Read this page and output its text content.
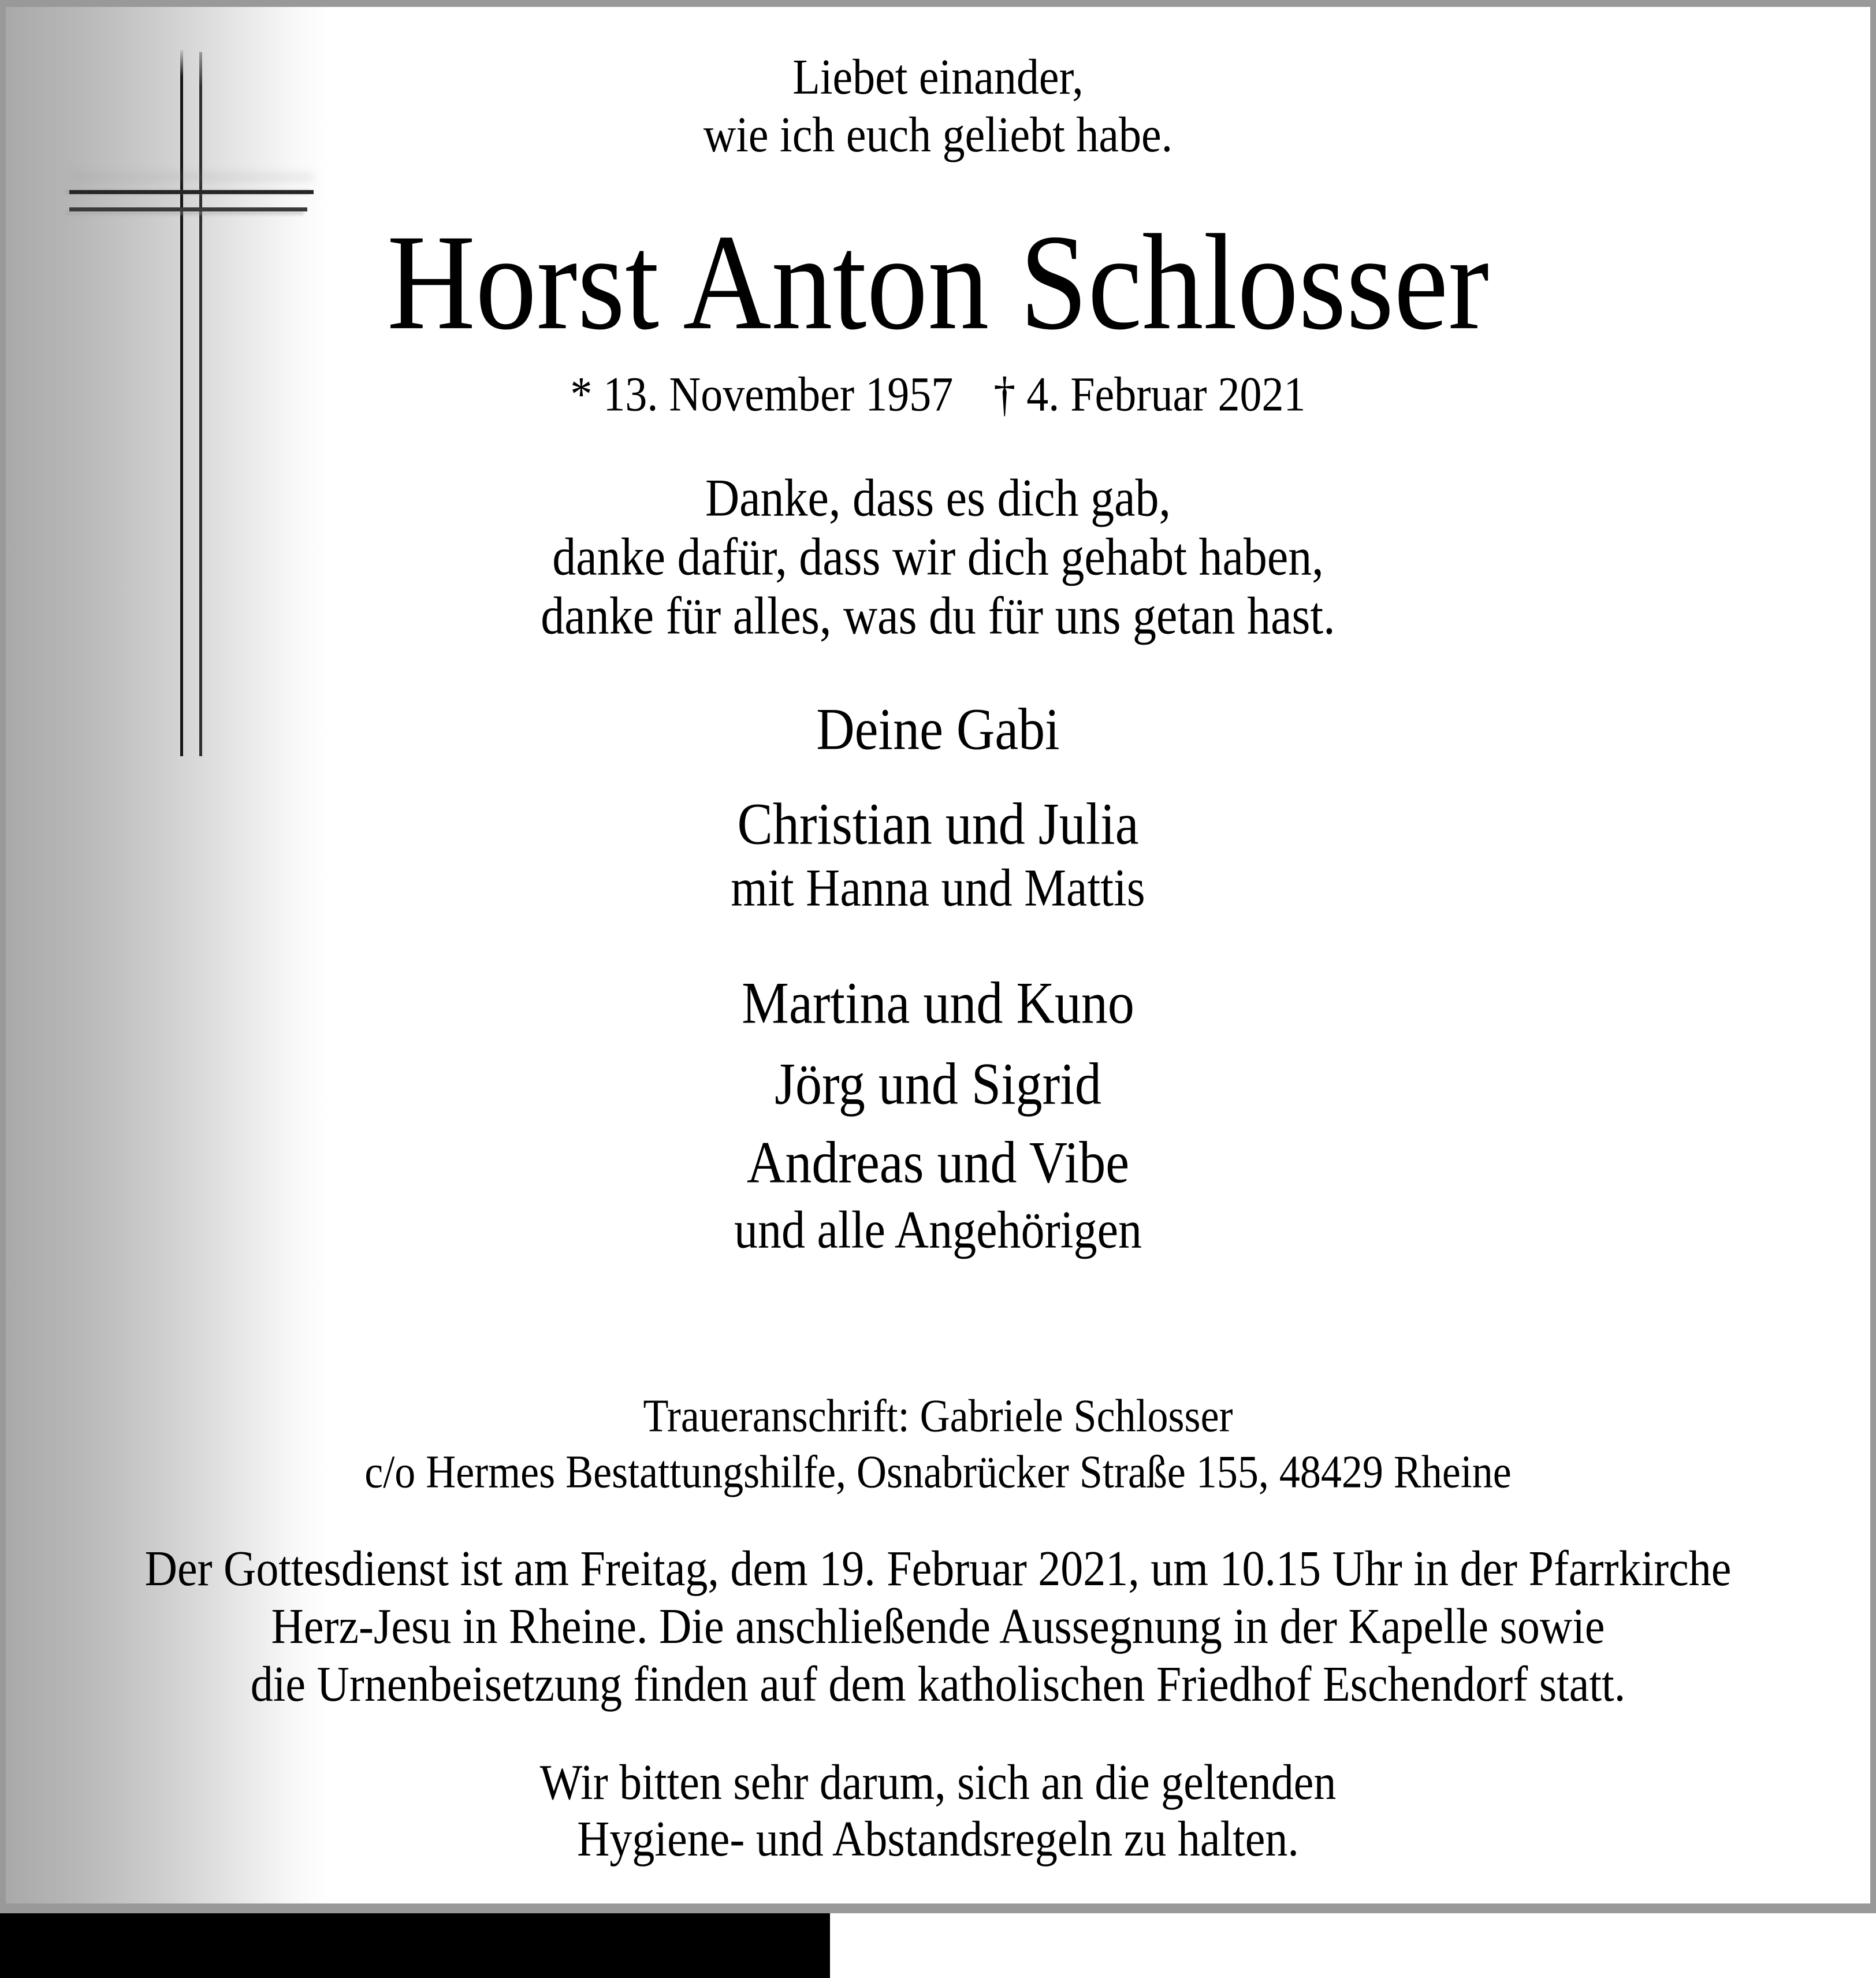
Liebet einander,
wie ich euch geliebt habe.
Horst Anton Schlosser
* 13. November 1957 † 4. Februar 2021
Danke, dass es dich gab,
danke dafür, dass wir dich gehabt haben,
danke für alles, was du für uns getan hast.
Deine Gabi
Christian und Julia
mit Hanna und Mattis
Martina und Kuno
Jörg und Sigrid
Andreas und Vibe
und alle Angehörigen
Traueranschrift: Gabriele Schlosser
c/o Hermes Bestattungshilfe, Osnabrücker Straße 155, 48429 Rheine
Der Gottesdienst ist am Freitag, dem 19. Februar 2021, um 10.15 Uhr in der Pfarrkirche
Herz-Jesu in Rheine. Die anschließende Aussegnung in der Kapelle sowie
die Urnenbeisetzung finden auf dem katholischen Friedhof Eschendorf statt.
Wir bitten sehr darum, sich an die geltenden
Hygiene- und Abstandsregeln zu halten.
